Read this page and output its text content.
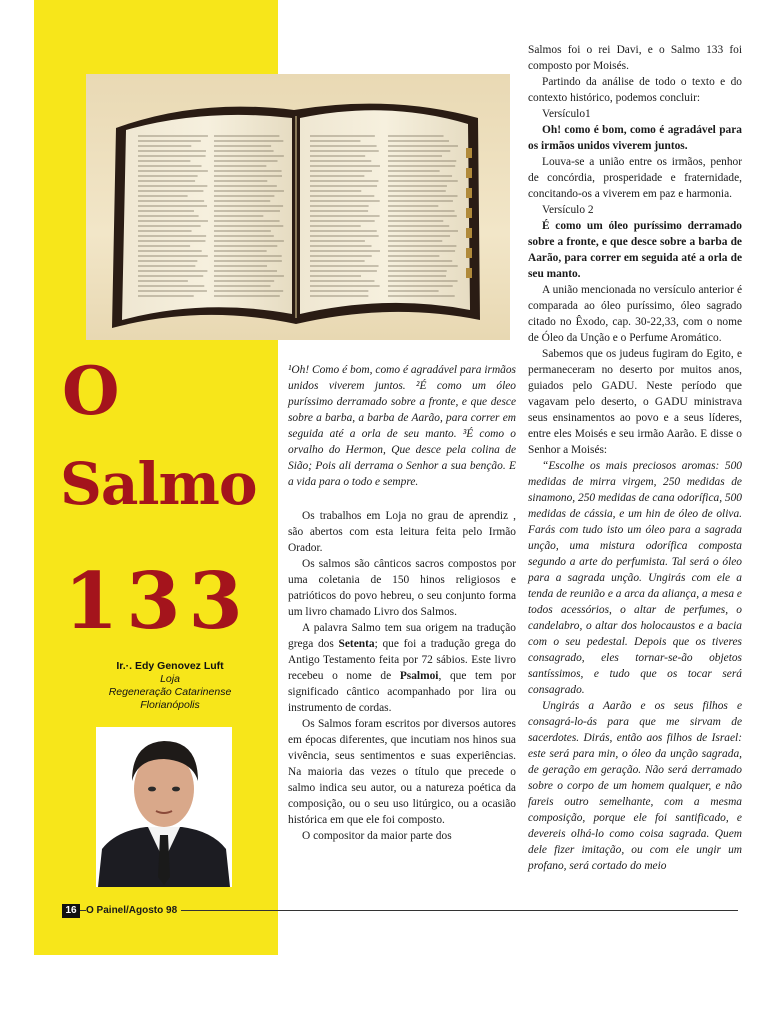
O
Salmo
133
Ir.·. Edy Genovez Luft
Loja
Regeneração Catarinense
Florianópolis

¹Oh! Como é bom, como é agradável para irmãos unidos viverem juntos. ²É como um óleo puríssimo derramado sobre a fronte, e que desce sobre a barba, a barba de Aarão, para correr em seguida até a orla de seu manto. ³É como o orvalho do Hermon, Que desce pela colina de Sião; Pois ali derrama o Senhor a sua benção. E a vida para o todo e sempre.

Os trabalhos em Loja no grau de aprendiz , são abertos com esta leitura feita pelo Irmão Orador.

Os salmos são cânticos sacros compostos por uma coletania de 150 hinos religiosos e patrióticos do povo hebreu, o seu conjunto forma um livro chamado Livro dos Salmos.

A palavra Salmo tem sua origem na tradução grega dos Setenta; que foi a tradução grega do Antigo Testamento feita por 72 sábios. Este livro recebeu o nome de Psalmoi, que tem por significado cântico acompanhado por lira ou instrumento de cordas.

Os Salmos foram escritos por diversos autores em épocas diferentes, que incutiam nos hinos sua vivência, seus sentimentos e suas experiências. Na maioria das vezes o título que precede o salmo indica seu autor, ou a natureza poética da composição, ou o seu uso litúrgico, ou a ocasião histórica em que ele foi composto.

O compositor da maior parte dos

Salmos foi o rei Davi, e o Salmo 133 foi composto por Moisés.

Partindo da análise de todo o texto e do contexto histórico, podemos concluir:

Versículo1

Oh! como é bom, como é agradável para os irmãos unidos viverem juntos.

Louva-se a união entre os irmãos, penhor de concórdia, prosperidade e fraternidade, concitando-os a viverem em paz e harmonia.

Versículo 2

É como um óleo puríssimo derramado sobre a fronte, e que desce sobre a barba de Aarão, para correr em seguida até a orla de seu manto.

A união mencionada no versículo anterior é comparada ao óleo puríssimo, óleo sagrado citado no Êxodo, cap. 30-22,33, com o nome de Óleo da Unção e o Perfume Aromático.

Sabemos que os judeus fugiram do Egito, e permaneceram no deserto por muitos anos, guiados pelo GADU. Neste período que vagavam pelo deserto, o GADU ministrava seus ensinamentos ao povo e a seus líderes, entre eles Moisés e seu irmão Aarão. E disse o Senhor a Moisés:

“Escolhe os mais preciosos aromas: 500 medidas de mirra virgem, 250 medidas de sinamono, 250 medidas de cana odorífica, 500 medidas de cássia, e um hin de óleo de oliva. Farás com tudo isto um óleo para a sagrada unção, uma mistura odorífica composta segundo a arte do perfumista. Tal será o óleo para a sagrada unção. Ungirás com ele a tenda de reunião e a arca da aliança, a mesa e todos acessórios, o altar de perfumes, o candelabro, o altar dos holocaustos e a bacia com o seu pedestal. Depois que os tiveres consagrado, eles tornar-se-ão objetos santíssimos, e tudo que os tocar será consagrado.

Ungirás a Aarão e os seus filhos e consagrá-lo-ás para que me sirvam de sacerdotes. Dirás, então aos filhos de Israel: este será para min, o óleo da unção sagrada, de geração em geração. Não será derramado sobre o corpo de um homem qualquer, e não fareis outro semelhante, com a mesma composição, porque ele foi santificado, e devereis olhá-lo como coisa sagrada. Quem dele fizer imitação, ou com ele ungir um profano, será cortado do meio

16 O Painel/Agosto 98
